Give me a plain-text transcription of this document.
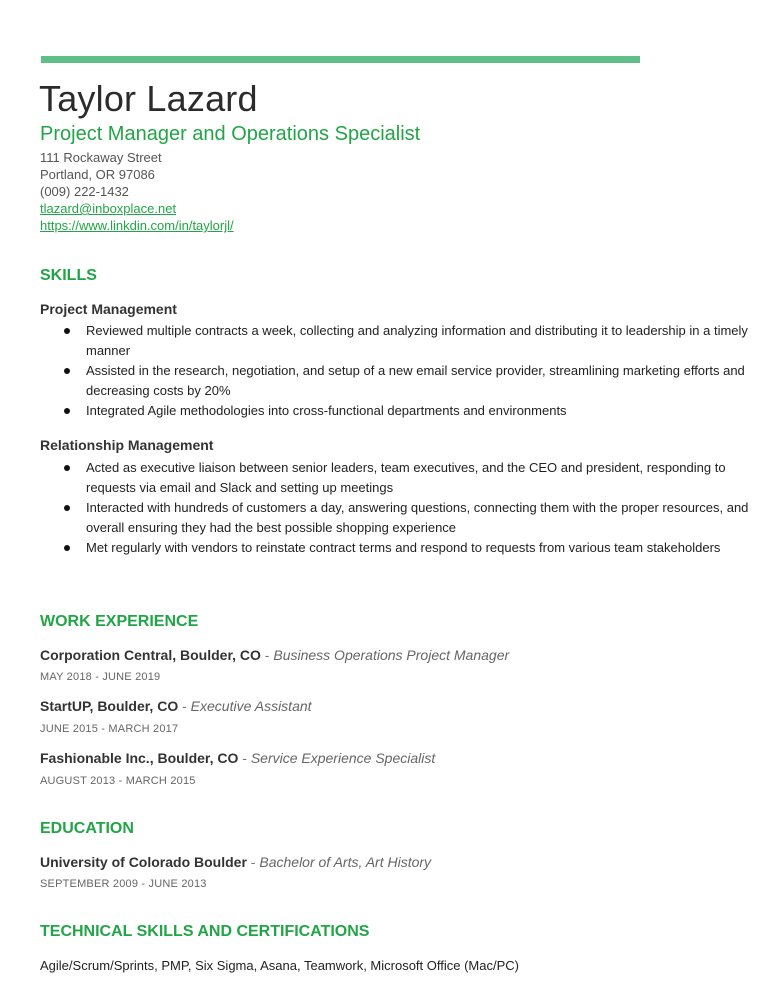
Taylor Lazard
Project Manager and Operations Specialist
111 Rockaway Street
Portland, OR 97086
(009) 222-1432
tlazard@inboxplace.net
https://www.linkdin.com/in/taylorjl/
SKILLS
Project Management
Reviewed multiple contracts a week, collecting and analyzing information and distributing it to leadership in a timely manner
Assisted in the research, negotiation, and setup of a new email service provider, streamlining marketing efforts and decreasing costs by 20%
Integrated Agile methodologies into cross-functional departments and environments
Relationship Management
Acted as executive liaison between senior leaders, team executives, and the CEO and president, responding to requests via email and Slack and setting up meetings
Interacted with hundreds of customers a day, answering questions, connecting them with the proper resources, and overall ensuring they had the best possible shopping experience
Met regularly with vendors to reinstate contract terms and respond to requests from various team stakeholders
WORK EXPERIENCE
Corporation Central, Boulder, CO - Business Operations Project Manager
MAY 2018 - JUNE 2019
StartUP, Boulder, CO - Executive Assistant
JUNE 2015 - MARCH 2017
Fashionable Inc., Boulder, CO - Service Experience Specialist
AUGUST 2013 - MARCH 2015
EDUCATION
University of Colorado Boulder - Bachelor of Arts, Art History
SEPTEMBER 2009 - JUNE 2013
TECHNICAL SKILLS AND CERTIFICATIONS
Agile/Scrum/Sprints, PMP, Six Sigma, Asana, Teamwork, Microsoft Office (Mac/PC)
